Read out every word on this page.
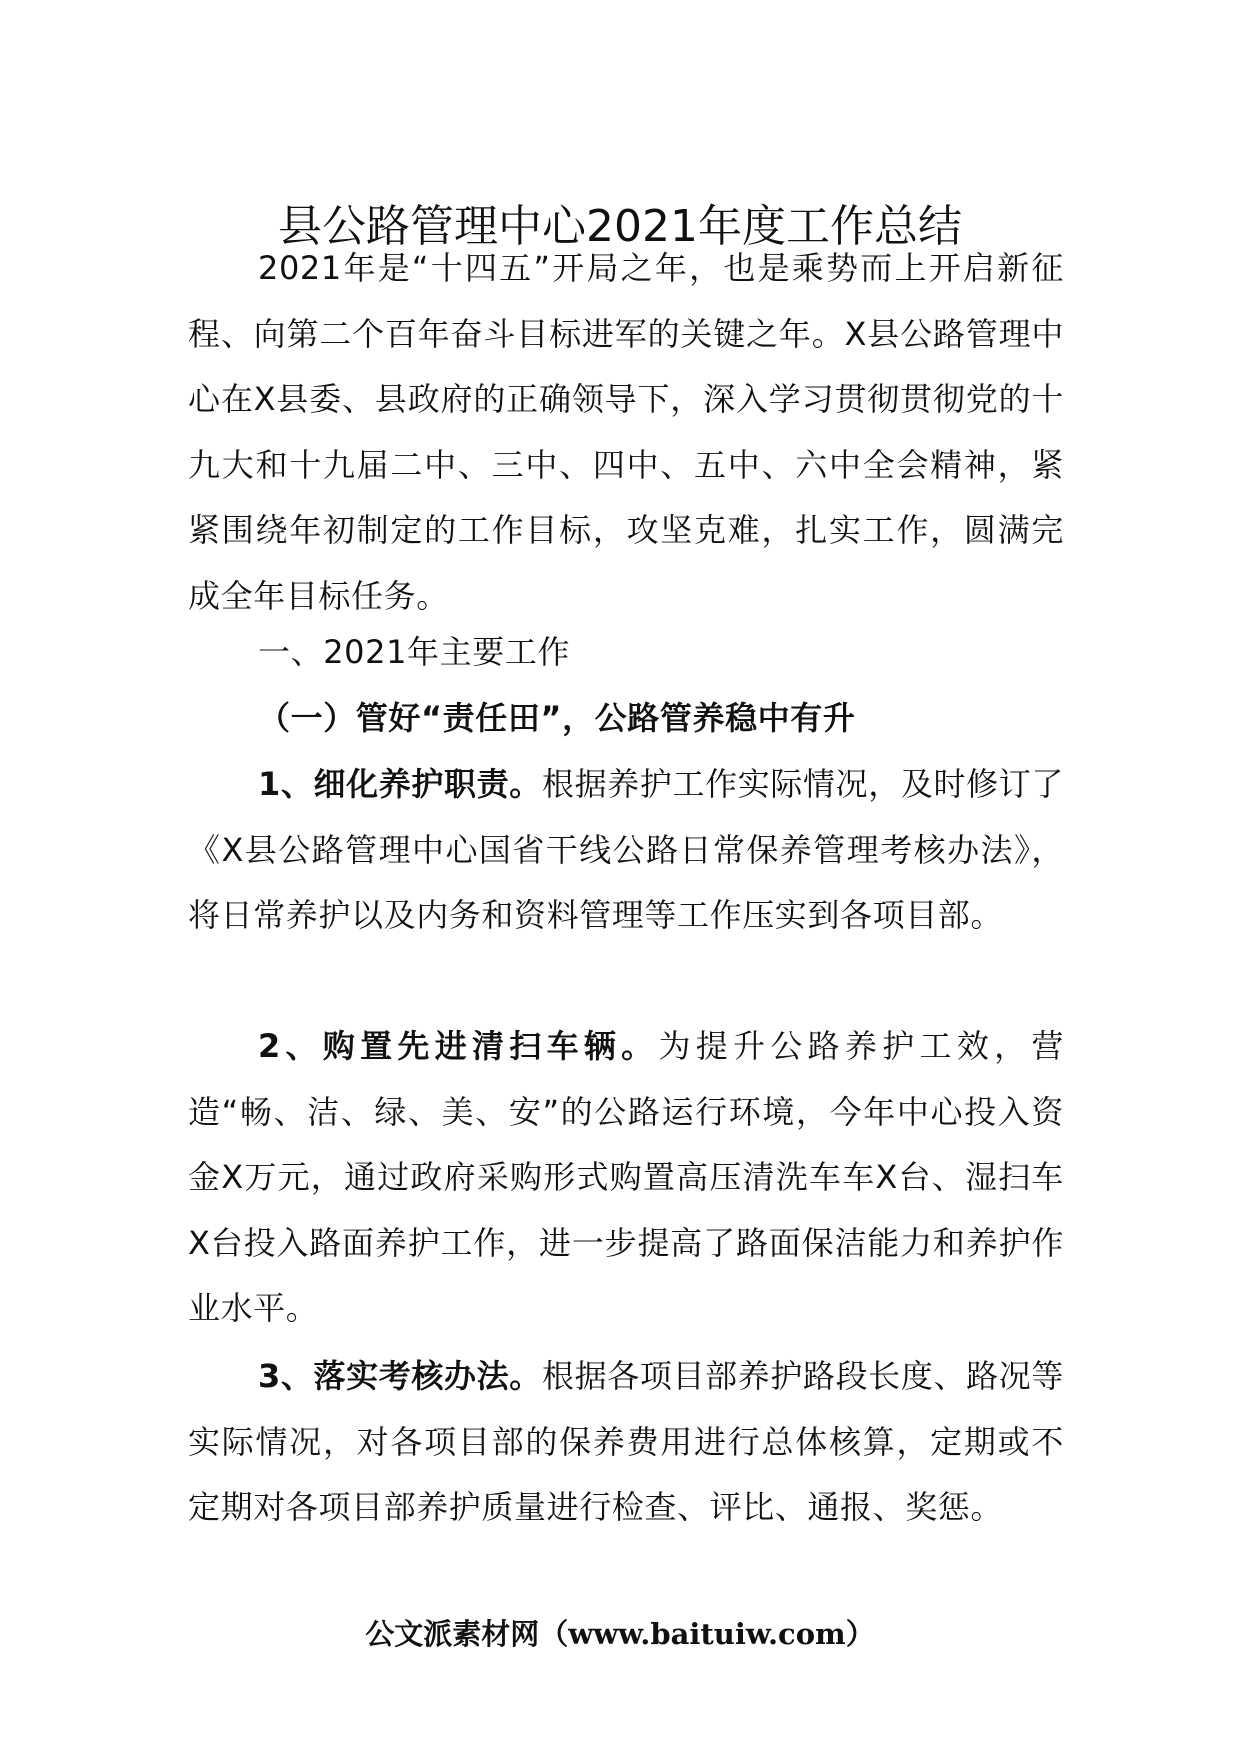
县公路管理中心2021年度工作总结

2021年是“十四五”开局之年，也是乘势而上开启新征程、向第二个百年奋斗目标进军的关键之年。X县公路管理中心在X县委、县政府的正确领导下，深入学习贯彻贯彻党的十九大和十九届二中、三中、四中、五中、六中全会精神，紧紧围绕年初制定的工作目标，攻坚克难，扎实工作，圆满完成全年目标任务。

一、2021年主要工作

（一）管好“责任田”，公路管养稳中有升

1、细化养护职责。根据养护工作实际情况，及时修订了《X县公路管理中心国省干线公路日常保养管理考核办法》，将日常养护以及内务和资料管理等工作压实到各项目部。

2、购置先进清扫车辆。为提升公路养护工效，营造“畅、洁、绿、美、安”的公路运行环境，今年中心投入资金X万元，通过政府采购形式购置高压清洗车车X台、湿扫车X台投入路面养护工作，进一步提高了路面保洁能力和养护作业水平。

3、落实考核办法。根据各项目部养护路段长度、路况等实际情况，对各项目部的保养费用进行总体核算，定期或不定期对各项目部养护质量进行检查、评比、通报、奖惩。

公文派素材网（www.baituiw.com）
